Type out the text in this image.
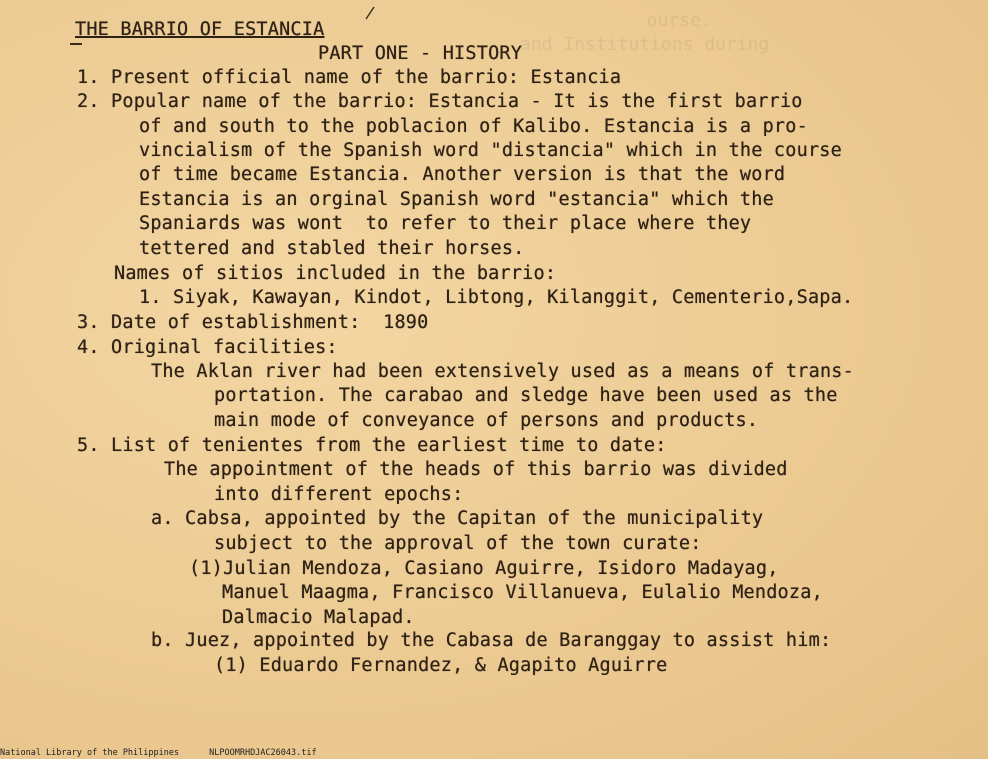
ourse.
and Institutions during
THE BARRIO OF ESTANCIA
PART ONE - HISTORY
1. Present official name of the barrio: Estancia
2. Popular name of the barrio: Estancia - It is the first barrio
of and south to the poblacion of Kalibo. Estancia is a pro-
vincialism of the Spanish word "distancia" which in the course
of time became Estancia. Another version is that the word
Estancia is an orginal Spanish word "estancia" which the
Spaniards was wont  to refer to their place where they
tettered and stabled their horses.
Names of sitios included in the barrio:
1. Siyak, Kawayan, Kindot, Libtong, Kilanggit, Cementerio,Sapa.
3. Date of establishment:  1890
4. Original facilities:
The Aklan river had been extensively used as a means of trans-
portation. The carabao and sledge have been used as the
main mode of conveyance of persons and products.
5. List of tenientes from the earliest time to date:
The appointment of the heads of this barrio was divided
into different epochs:
a. Cabsa, appointed by the Capitan of the municipality
subject to the approval of the town curate:
(1)Julian Mendoza, Casiano Aguirre, Isidoro Madayag,
Manuel Maagma, Francisco Villanueva, Eulalio Mendoza,
Dalmacio Malapad.
b. Juez, appointed by the Cabasa de Baranggay to assist him:
(1) Eduardo Fernandez, & Agapito Aguirre
National Library of the Philippines	NLPOOMRHDJAC26043.tif
